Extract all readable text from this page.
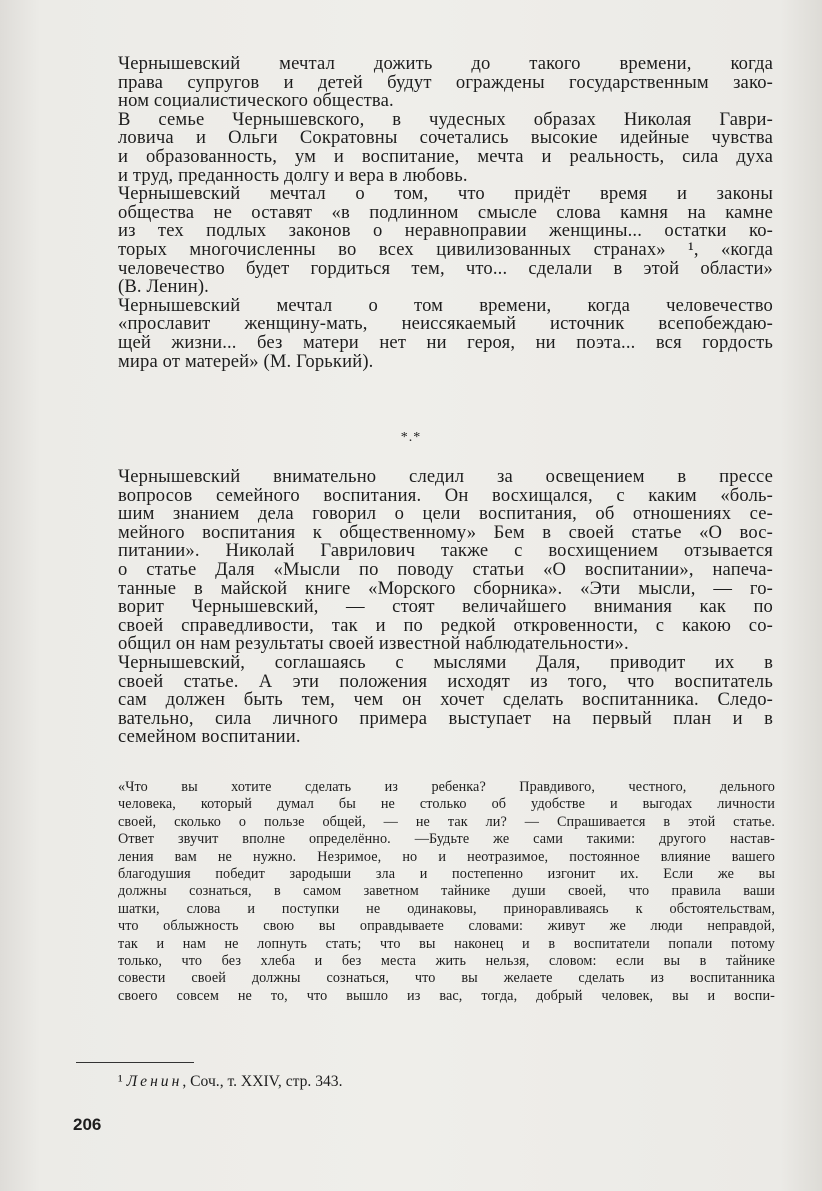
Чернышевский мечтал дожить до такого времени, когда
права супругов и детей будут ограждены государственным зако-
ном социалистического общества.

В семье Чернышевского, в чудесных образах Николая Гаври-
ловича и Ольги Сократовны сочетались высокие идейные чувства
и образованность, ум и воспитание, мечта и реальность, сила духа
и труд, преданность долгу и вера в любовь.

Чернышевский мечтал о том, что придёт время и законы
общества не оставят «в подлинном смысле слова камня на камне
из тех подлых законов о неравноправии женщины... остатки ко-
торых многочисленны во всех цивилизованных странах» ¹, «когда
человечество будет гордиться тем, что... сделали в этой области»
(В. Ленин).

Чернышевский мечтал о том времени, когда человечество
«прославит женщину-мать, неиссякаемый источник всепобеждаю-
щей жизни... без матери нет ни героя, ни поэта... вся гордость
мира от матерей» (М. Горький).

*.*

Чернышевский внимательно следил за освещением в прессе
вопросов семейного воспитания. Он восхищался, с каким «боль-
шим знанием дела говорил о цели воспитания, об отношениях се-
мейного воспитания к общественному» Бем в своей статье «О вос-
питании». Николай Гаврилович также с восхищением отзывается
о статье Даля «Мысли по поводу статьи «О воспитании», напеча-
танные в майской книге «Морского сборника». «Эти мысли, — го-
ворит Чернышевский, — стоят величайшего внимания как по
своей справедливости, так и по редкой откровенности, с какою со-
общил он нам результаты своей известной наблюдательности».

Чернышевский, соглашаясь с мыслями Даля, приводит их в
своей статье. А эти положения исходят из того, что воспитатель
сам должен быть тем, чем он хочет сделать воспитанника. Следо-
вательно, сила личного примера выступает на первый план и в
семейном воспитании.

«Что вы хотите сделать из ребенка? Правдивого, честного, дельного
человека, который думал бы не столько об удобстве и выгодах личности
своей, сколько о пользе общей, — не так ли? — Спрашивается в этой статье.
Ответ звучит вполне определённо. —Будьте же сами такими: другого настав-
ления вам не нужно. Незримое, но и неотразимое, постоянное влияние вашего
благодушия победит зародыши зла и постепенно изгонит их. Если же вы
должны сознаться, в самом заветном тайнике души своей, что правила ваши
шатки, слова и поступки не одинаковы, приноравливаясь к обстоятельствам,
что облыжность свою вы оправдываете словами: живут же люди неправдой,
так и нам не лопнуть стать; что вы наконец и в воспитатели попали потому
только, что без хлеба и без места жить нельзя, словом: если вы в тайнике
совести своей должны сознаться, что вы желаете сделать из воспитанника
своего совсем не то, что вышло из вас, тогда, добрый человек, вы и воспи-
¹ Ленин, Соч., т. XXIV, стр. 343.
206
